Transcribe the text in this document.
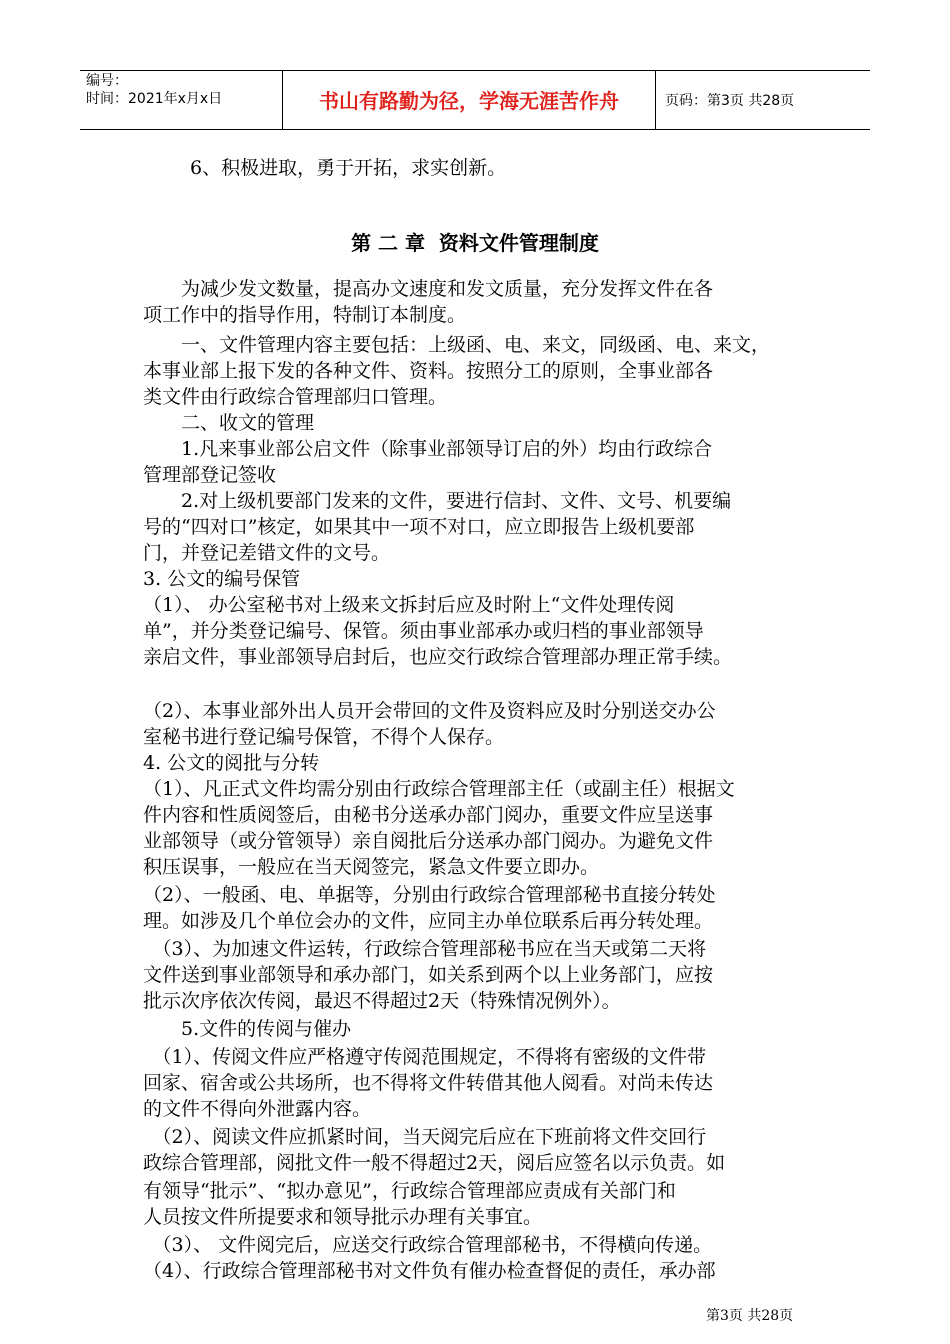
编号：
时间：2021年x月x日	书山有路勤为径，学海无涯苦作舟	页码：第3页 共28页
6、积极进取，勇于开拓，求实创新。
第 二 章  资料文件管理制度
　　为减少发文数量，提高办文速度和发文质量，充分发挥文件在各
项工作中的指导作用，特制订本制度。
　　一、文件管理内容主要包括：上级函、电、来文，同级函、电、来文，
本事业部上报下发的各种文件、资料。按照分工的原则，全事业部各
类文件由行政综合管理部归口管理。
　　二、收文的管理
　　1.凡来事业部公启文件（除事业部领导订启的外）均由行政综合
管理部登记签收
　　2.对上级机要部门发来的文件，要进行信封、文件、文号、机要编
号的“四对口”核定，如果其中一项不对口，应立即报告上级机要部
门，并登记差错文件的文号。
3. 公文的编号保管
（1）、 办公室秘书对上级来文拆封后应及时附上“文件处理传阅
单”，并分类登记编号、保管。须由事业部承办或归档的事业部领导
亲启文件，事业部领导启封后，也应交行政综合管理部办理正常手续。
（2）、本事业部外出人员开会带回的文件及资料应及时分别送交办公
室秘书进行登记编号保管，不得个人保存。
4. 公文的阅批与分转
（1）、凡正式文件均需分别由行政综合管理部主任（或副主任）根据文
件内容和性质阅签后，由秘书分送承办部门阅办，重要文件应呈送事
业部领导（或分管领导）亲自阅批后分送承办部门阅办。为避免文件
积压误事，一般应在当天阅签完，紧急文件要立即办。
（2）、一般函、电、单据等，分别由行政综合管理部秘书直接分转处
理。如涉及几个单位会办的文件，应同主办单位联系后再分转处理。
　（3）、为加速文件运转，行政综合管理部秘书应在当天或第二天将
文件送到事业部领导和承办部门，如关系到两个以上业务部门，应按
批示次序依次传阅，最迟不得超过2天（特殊情况例外）。
　　5.文件的传阅与催办
　（1）、传阅文件应严格遵守传阅范围规定，不得将有密级的文件带
回家、宿舍或公共场所，也不得将文件转借其他人阅看。对尚未传达
的文件不得向外泄露内容。
　（2）、阅读文件应抓紧时间，当天阅完后应在下班前将文件交回行
政综合管理部，阅批文件一般不得超过2天，阅后应签名以示负责。如
有领导“批示”、“拟办意见”，行政综合管理部应责成有关部门和
人员按文件所提要求和领导批示办理有关事宜。
　（3）、 文件阅完后，应送交行政综合管理部秘书，不得横向传递。
（4）、行政综合管理部秘书对文件负有催办检查督促的责任，承办部
第3页 共28页
